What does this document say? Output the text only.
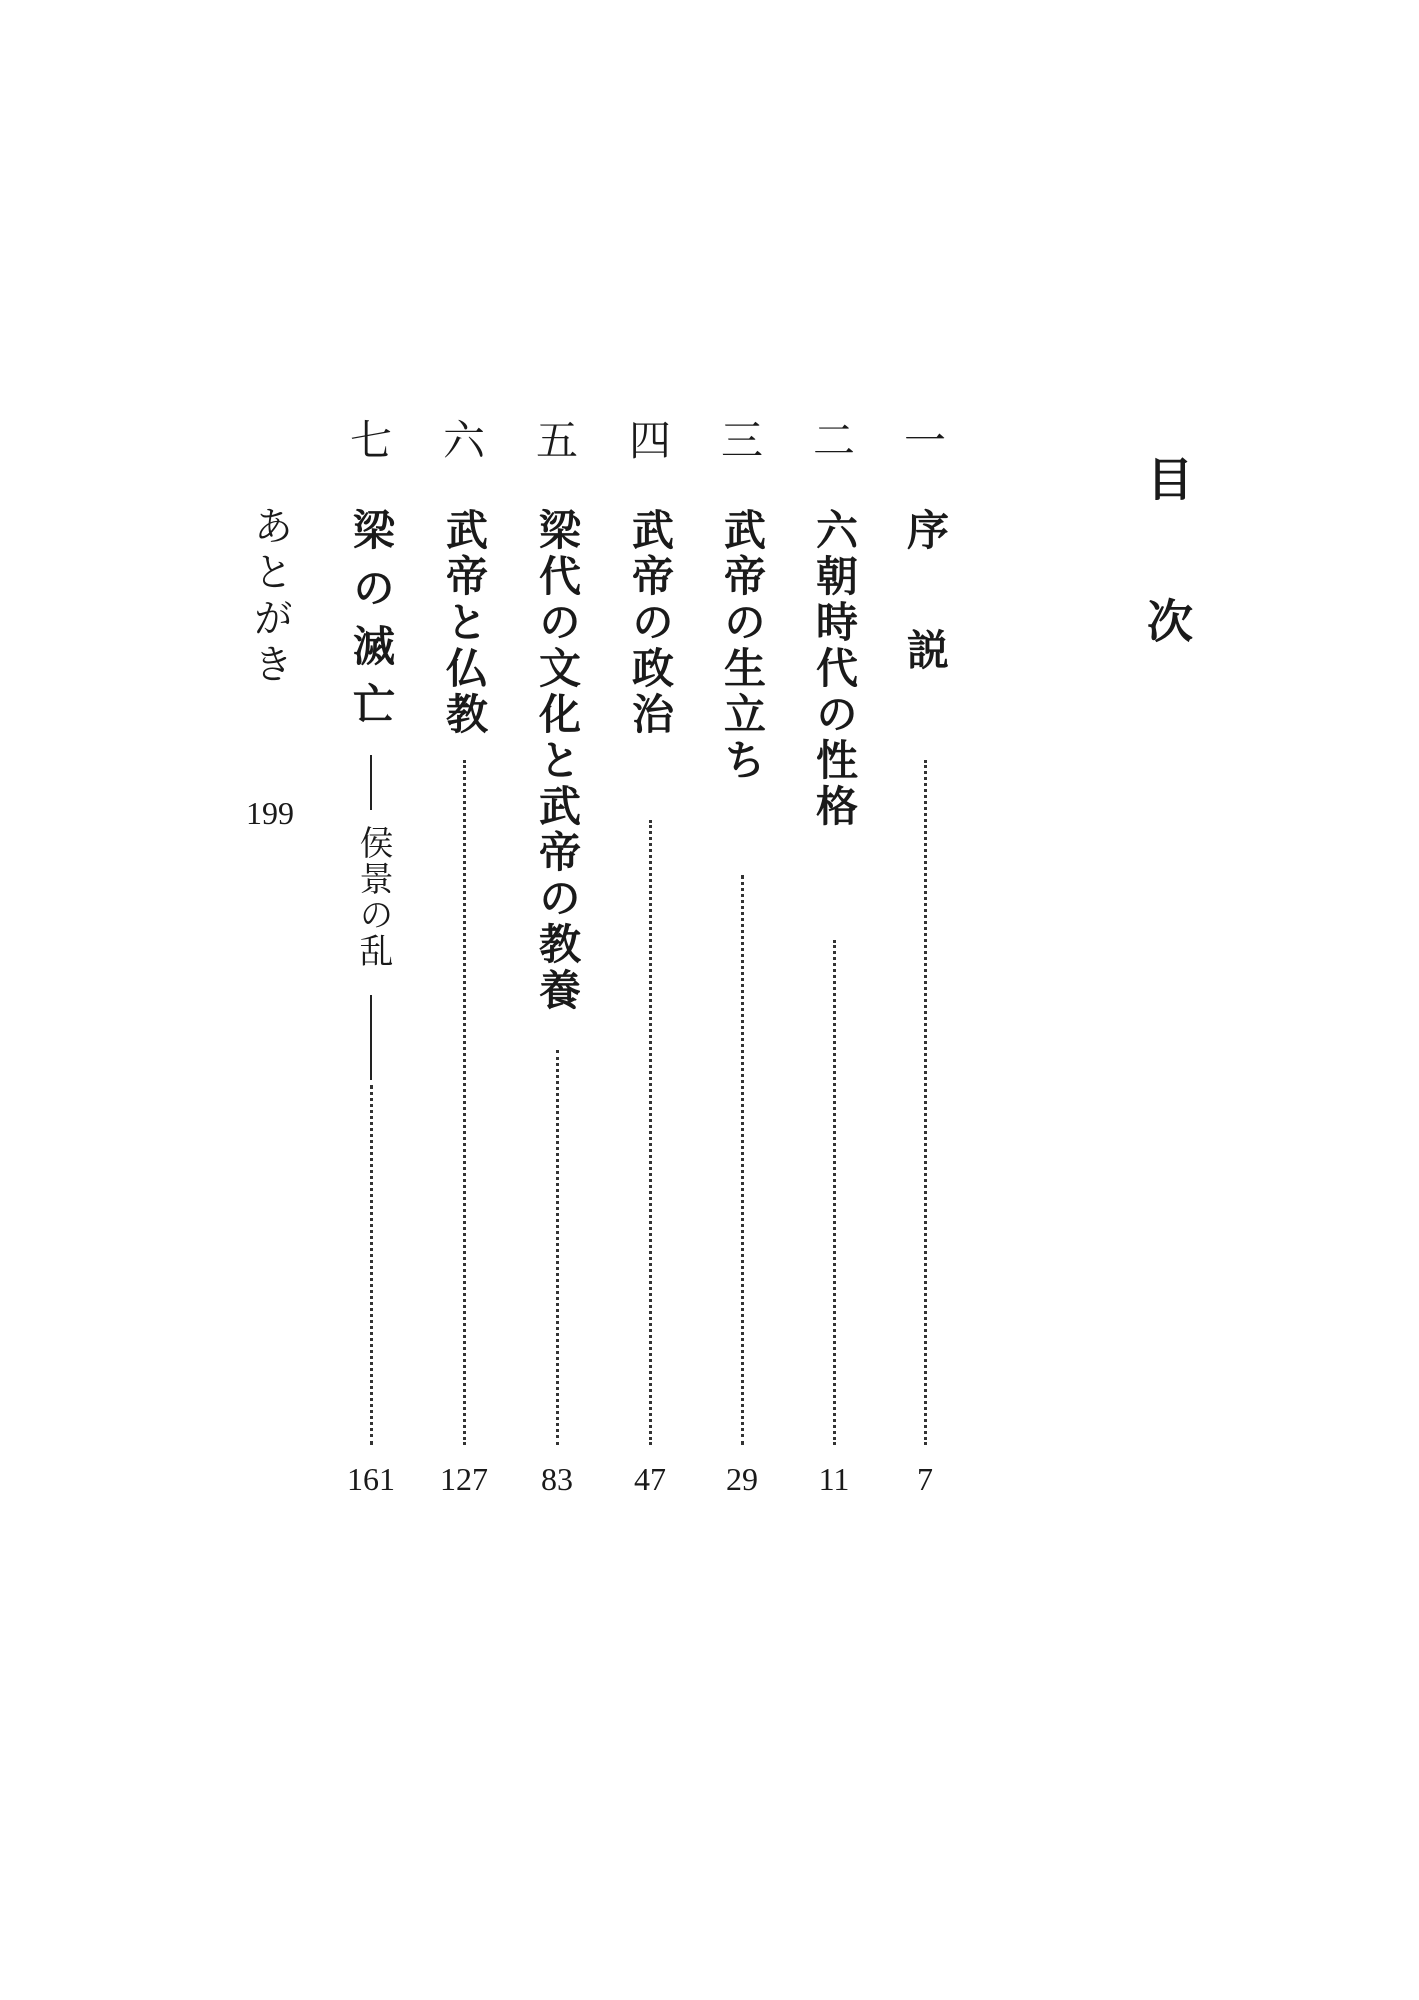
目 次
一
序　説
7
二
六朝時代の性格
11
三
武帝の生立ち
29
四
武帝の政治
47
五
梁代の文化と武帝の教養
83
六
武帝と仏教
127
七
梁の滅亡
侯景の乱
161
あとがき
199
